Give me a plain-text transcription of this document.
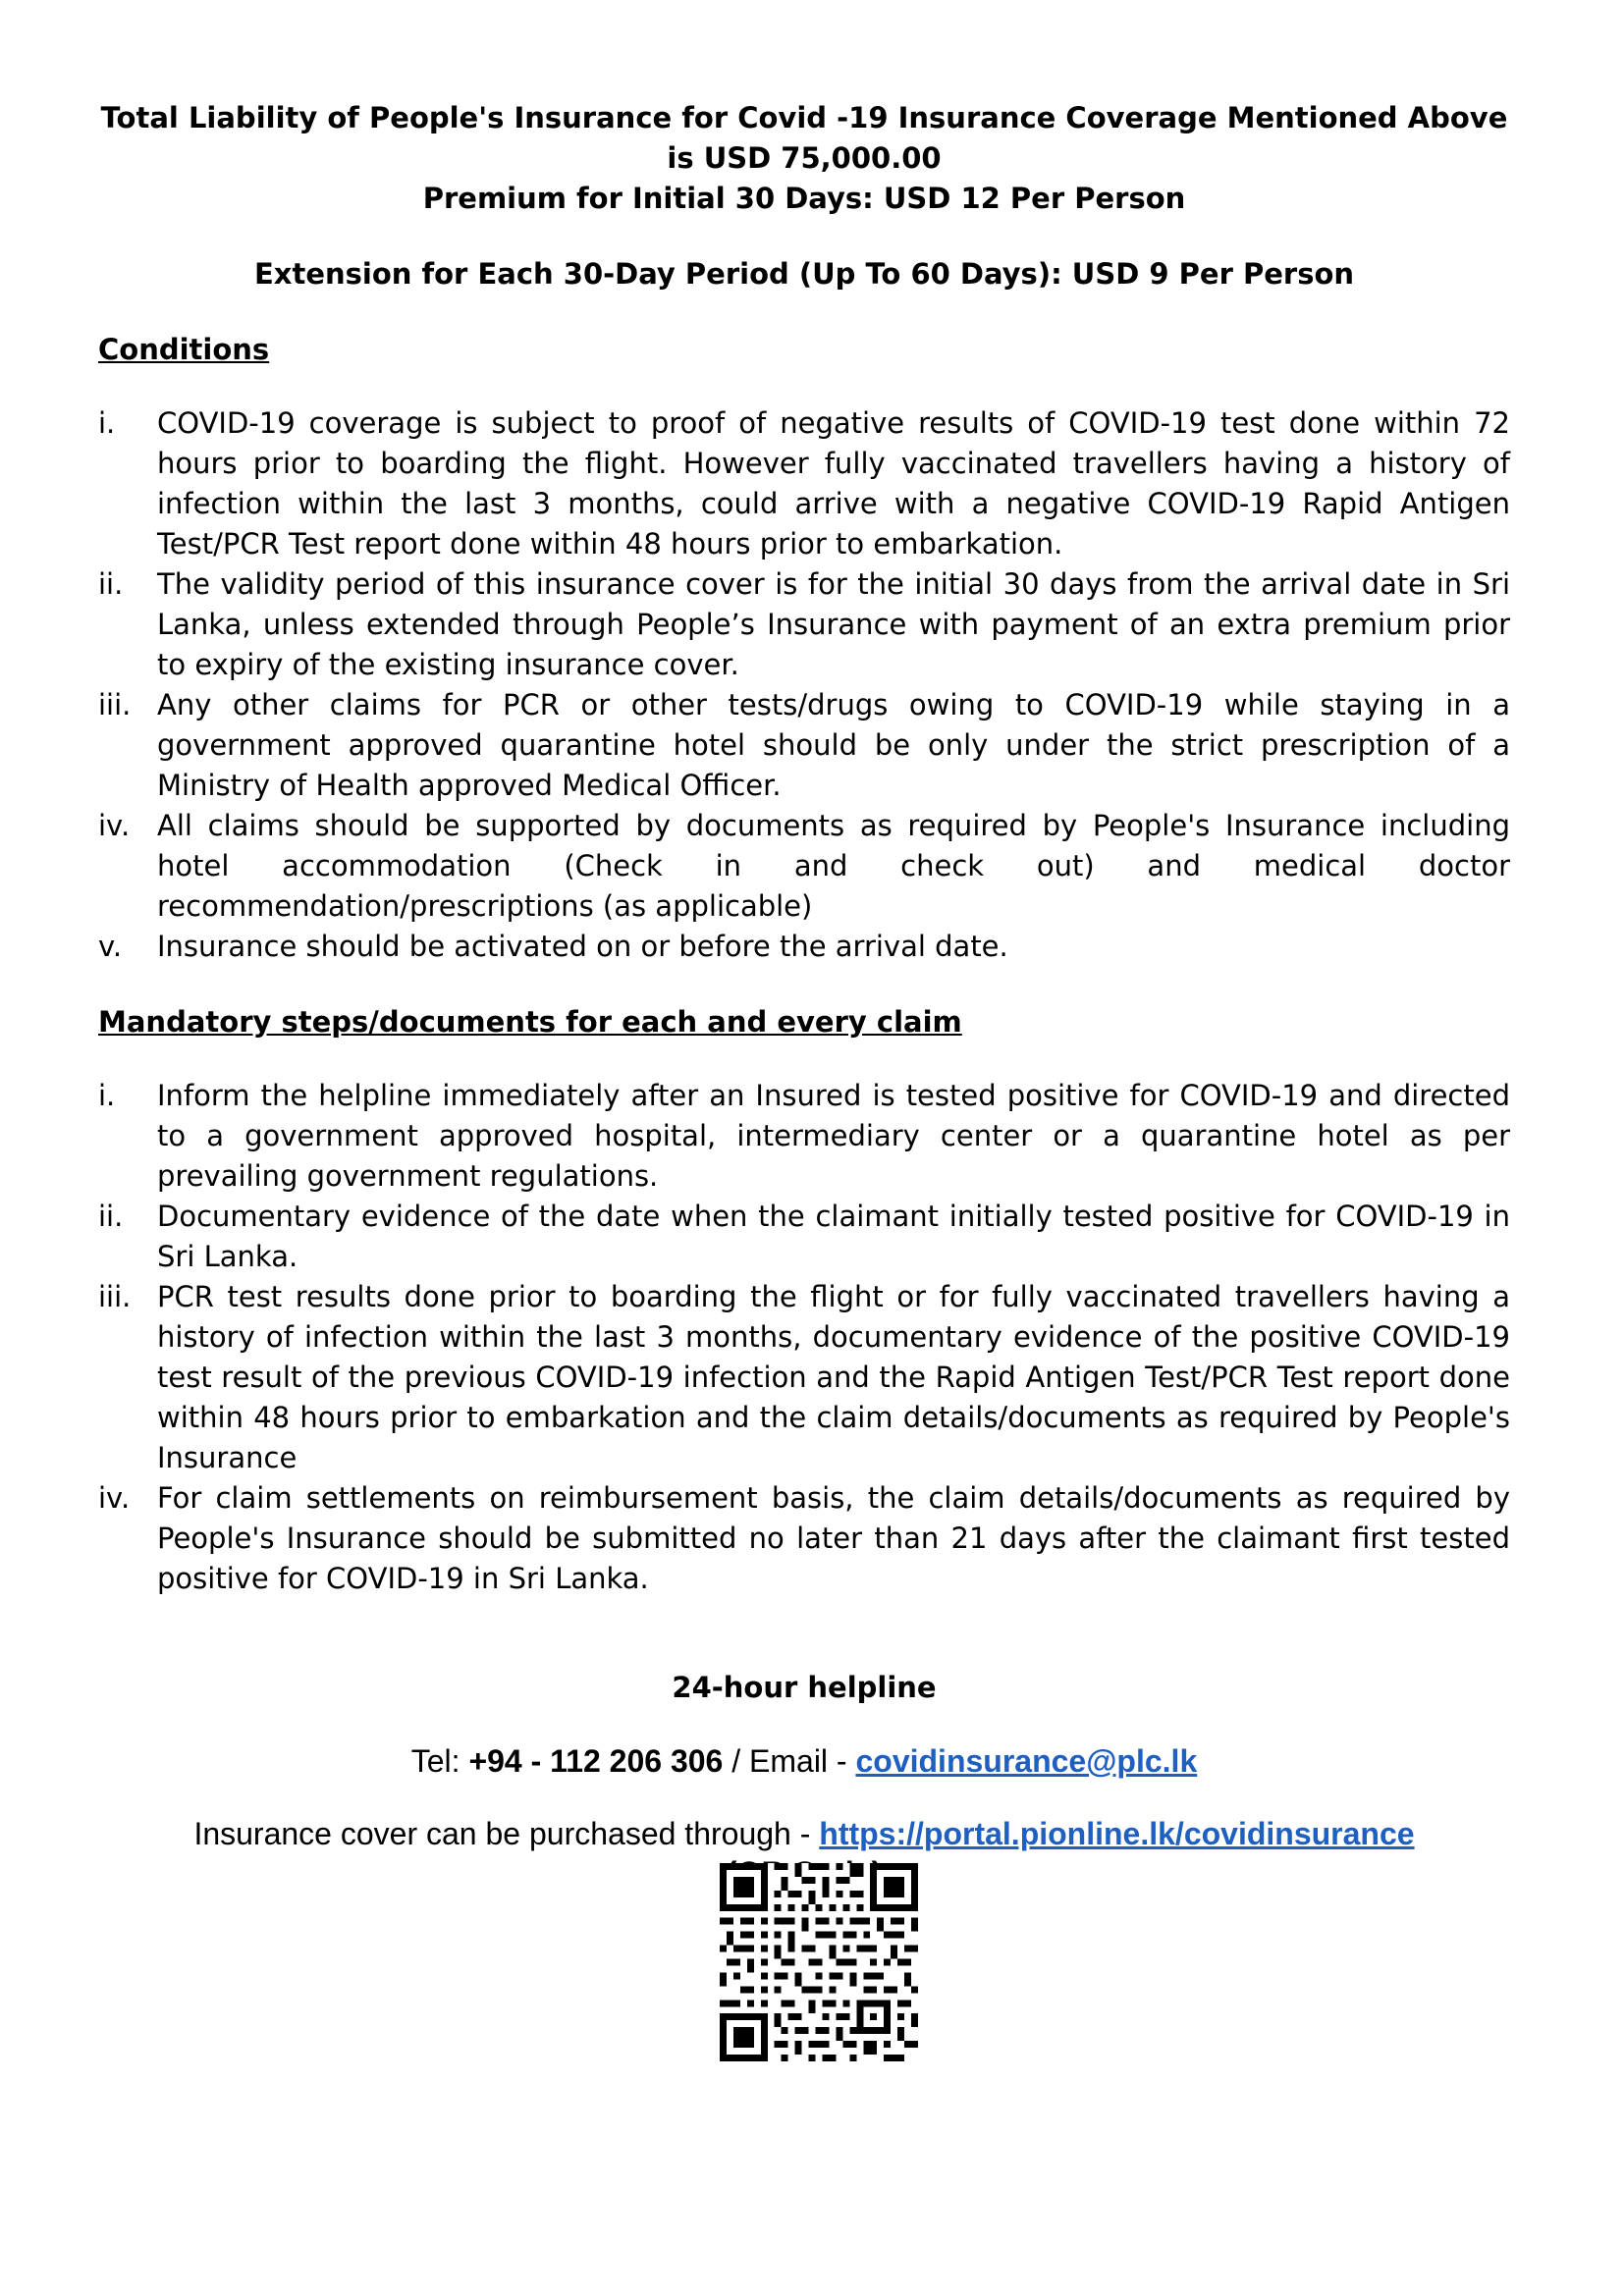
Total Liability of People's Insurance for Covid -19 Insurance Coverage Mentioned Above is USD 75,000.00
Premium for Initial 30 Days: USD 12 Per Person
Extension for Each 30-Day Period (Up To 60 Days): USD 9 Per Person
Conditions
i.	COVID-19 coverage is subject to proof of negative results of COVID-19 test done within 72 hours prior to boarding the flight. However fully vaccinated travellers having a history of infection within the last 3 months, could arrive with a negative COVID-19 Rapid Antigen Test/PCR Test report done within 48 hours prior to embarkation.
ii.	The validity period of this insurance cover is for the initial 30 days from the arrival date in Sri Lanka, unless extended through People’s Insurance with payment of an extra premium prior to expiry of the existing insurance cover.
iii. Any other claims for PCR or other tests/drugs owing to COVID-19 while staying in a government approved quarantine hotel should be only under the strict prescription of a Ministry of Health approved Medical Officer.
iv. All claims should be supported by documents as required by People's Insurance including hotel accommodation (Check in and check out) and medical doctor recommendation/prescriptions (as applicable)
v.	Insurance should be activated on or before the arrival date.
Mandatory steps/documents for each and every claim
i.	Inform the helpline immediately after an Insured is tested positive for COVID-19 and directed to a government approved hospital, intermediary center or a quarantine hotel as per prevailing government regulations.
ii.	Documentary evidence of the date when the claimant initially tested positive for COVID-19 in Sri Lanka.
iii. PCR test results done prior to boarding the flight or for fully vaccinated travellers having a history of infection within the last 3 months, documentary evidence of the positive COVID-19 test result of the previous COVID-19 infection and the Rapid Antigen Test/PCR Test report done within 48 hours prior to embarkation and the claim details/documents as required by People's Insurance
iv. For claim settlements on reimbursement basis, the claim details/documents as required by People's Insurance should be submitted no later than 21 days after the claimant first tested positive for COVID-19 in Sri Lanka.
24-hour helpline
Tel: +94 - 112 206 306 / Email - covidinsurance@plc.lk
Insurance cover can be purchased through - https://portal.pionline.lk/covidinsurance
